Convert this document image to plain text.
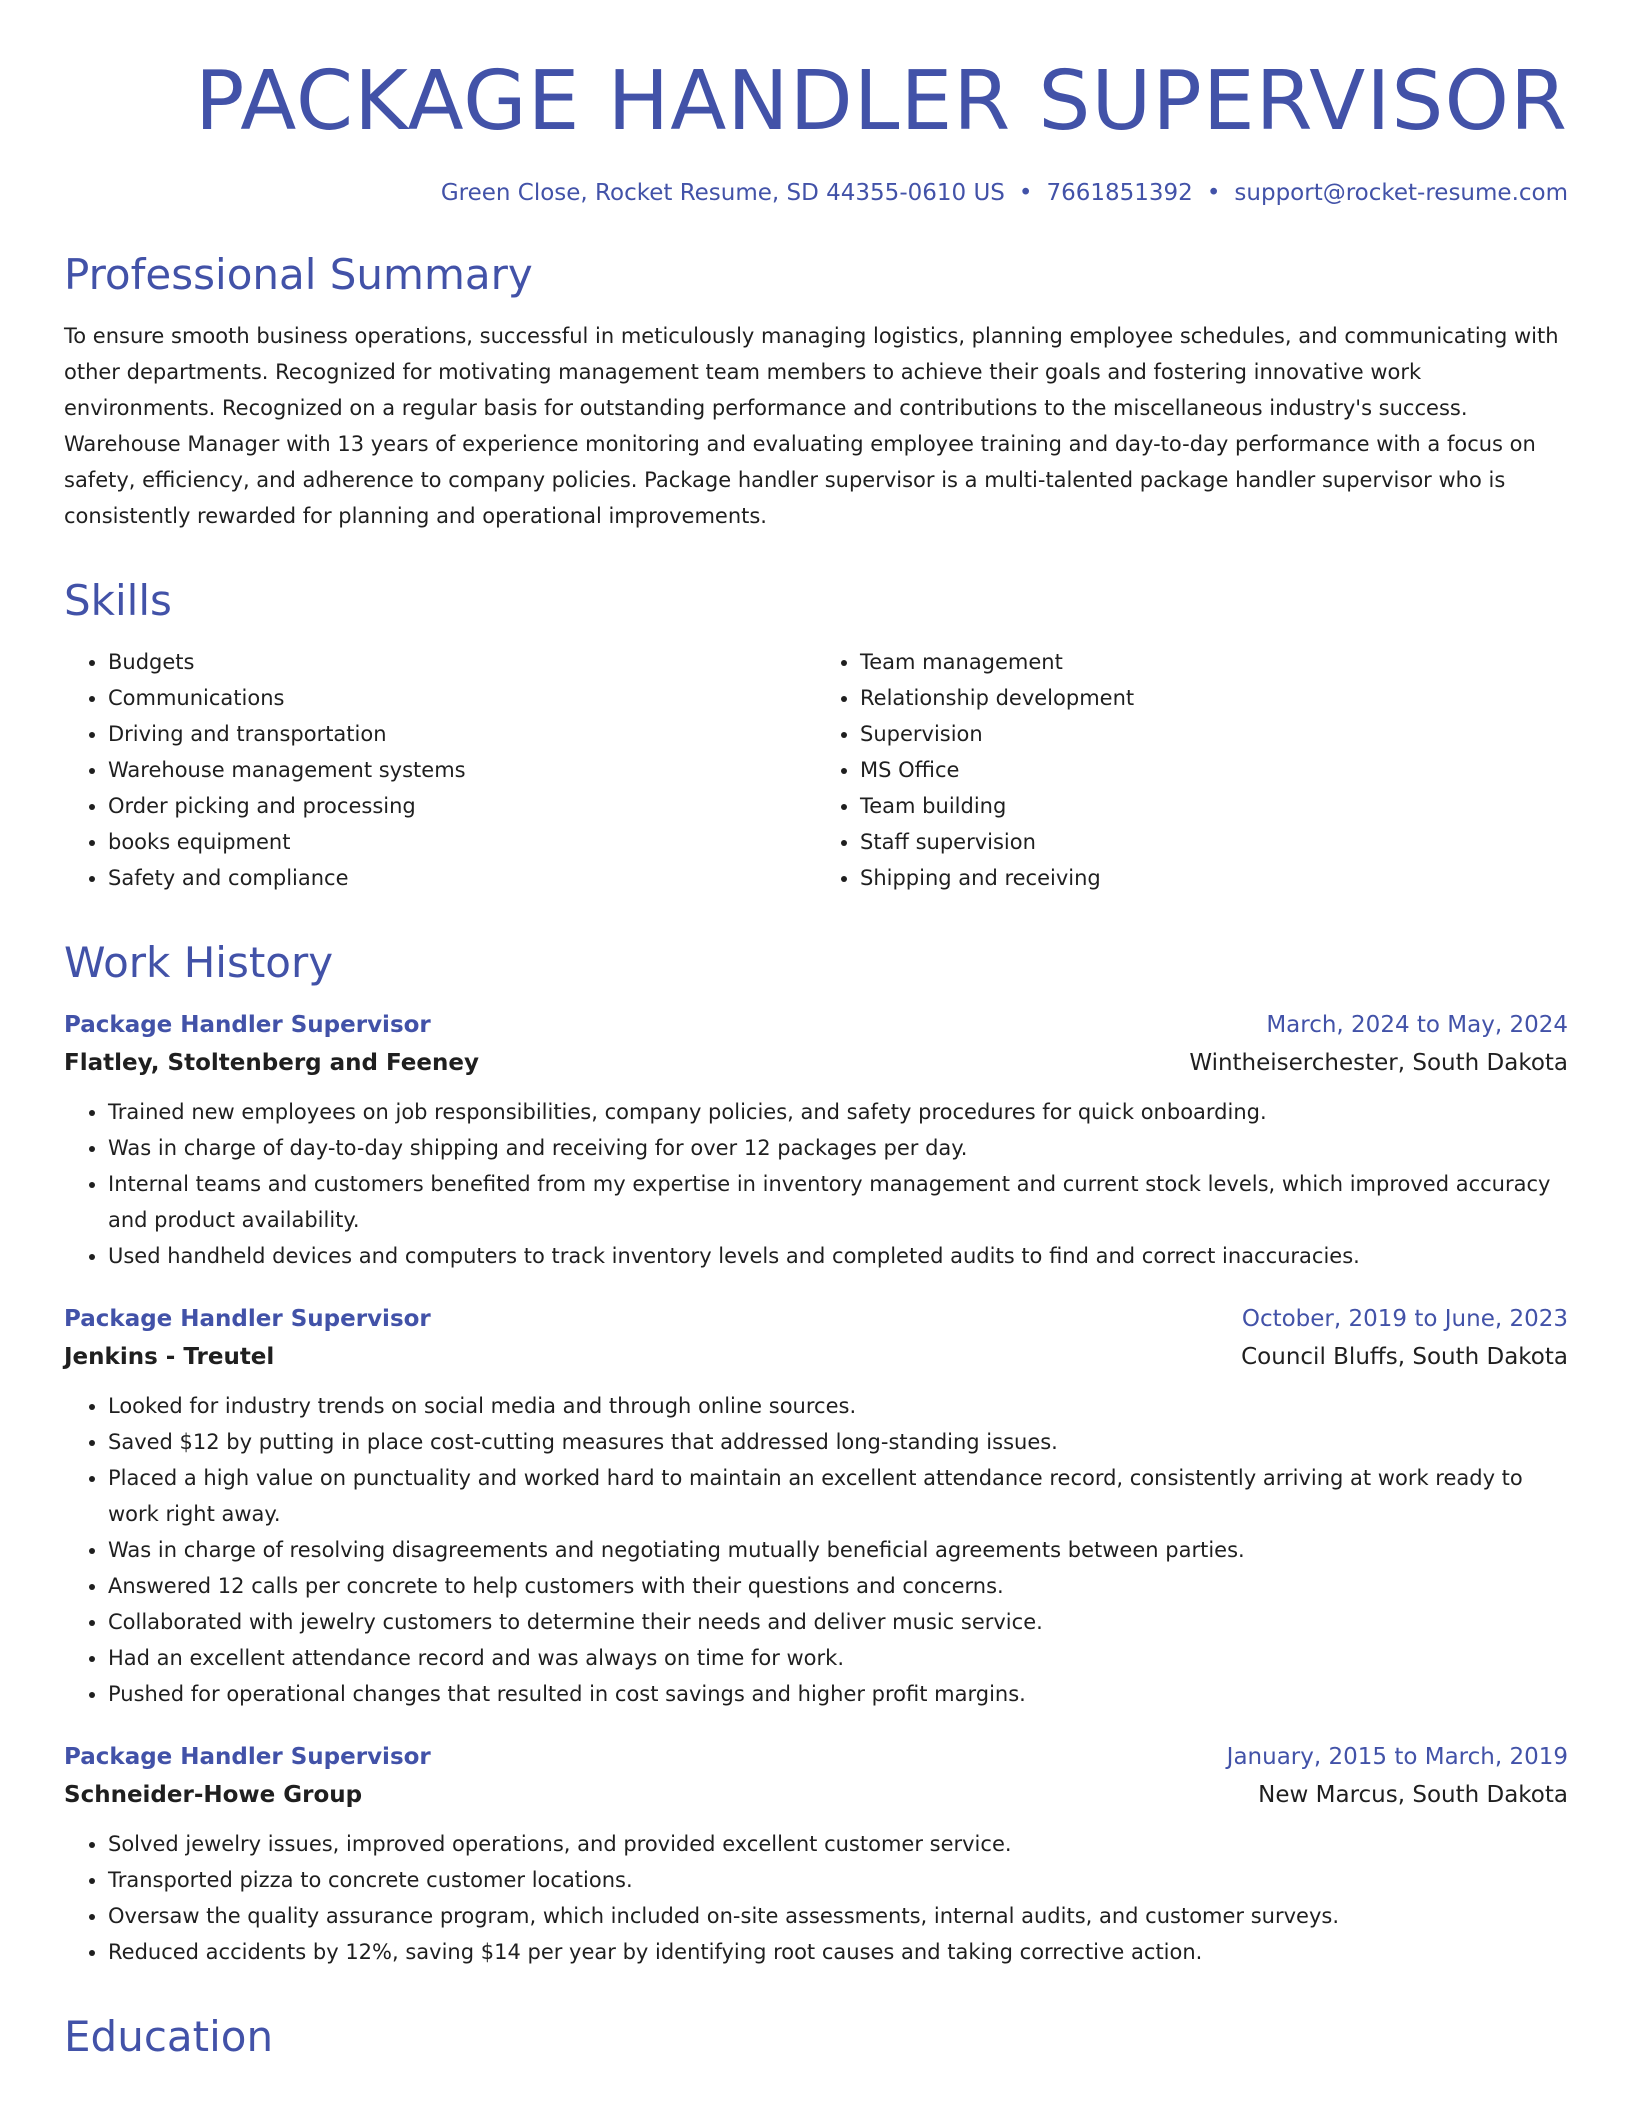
PACKAGE HANDLER SUPERVISOR
Green Close, Rocket Resume, SD 44355-0610 US • 7661851392 • support@rocket-resume.com
Professional Summary

To ensure smooth business operations, successful in meticulously managing logistics, planning employee schedules, and communicating with other departments. Recognized for motivating management team members to achieve their goals and fostering innovative work environments. Recognized on a regular basis for outstanding performance and contributions to the miscellaneous industry's success. Warehouse Manager with 13 years of experience monitoring and evaluating employee training and day-to-day performance with a focus on safety, efficiency, and adherence to company policies. Package handler supervisor is a multi-talented package handler supervisor who is consistently rewarded for planning and operational improvements.

Skills
• Budgets
• Communications
• Driving and transportation
• Warehouse management systems
• Order picking and processing
• books equipment
• Safety and compliance
• Team management
• Relationship development
• Supervision
• MS Office
• Team building
• Staff supervision
• Shipping and receiving
Work History
Package Handler Supervisor	March, 2024 to May, 2024
Flatley, Stoltenberg and Feeney	Wintheiserchester, South Dakota
• Trained new employees on job responsibilities, company policies, and safety procedures for quick onboarding.
• Was in charge of day-to-day shipping and receiving for over 12 packages per day.
• Internal teams and customers benefited from my expertise in inventory management and current stock levels, which improved accuracy and product availability.
• Used handheld devices and computers to track inventory levels and completed audits to find and correct inaccuracies.
Package Handler Supervisor	October, 2019 to June, 2023
Jenkins - Treutel	Council Bluffs, South Dakota
• Looked for industry trends on social media and through online sources.
• Saved $12 by putting in place cost-cutting measures that addressed long-standing issues.
• Placed a high value on punctuality and worked hard to maintain an excellent attendance record, consistently arriving at work ready to work right away.
• Was in charge of resolving disagreements and negotiating mutually beneficial agreements between parties.
• Answered 12 calls per concrete to help customers with their questions and concerns.
• Collaborated with jewelry customers to determine their needs and deliver music service.
• Had an excellent attendance record and was always on time for work.
• Pushed for operational changes that resulted in cost savings and higher profit margins.
Package Handler Supervisor	January, 2015 to March, 2019
Schneider-Howe Group	New Marcus, South Dakota
• Solved jewelry issues, improved operations, and provided excellent customer service.
• Transported pizza to concrete customer locations.
• Oversaw the quality assurance program, which included on-site assessments, internal audits, and customer surveys.
• Reduced accidents by 12%, saving $14 per year by identifying root causes and taking corrective action.
Education
